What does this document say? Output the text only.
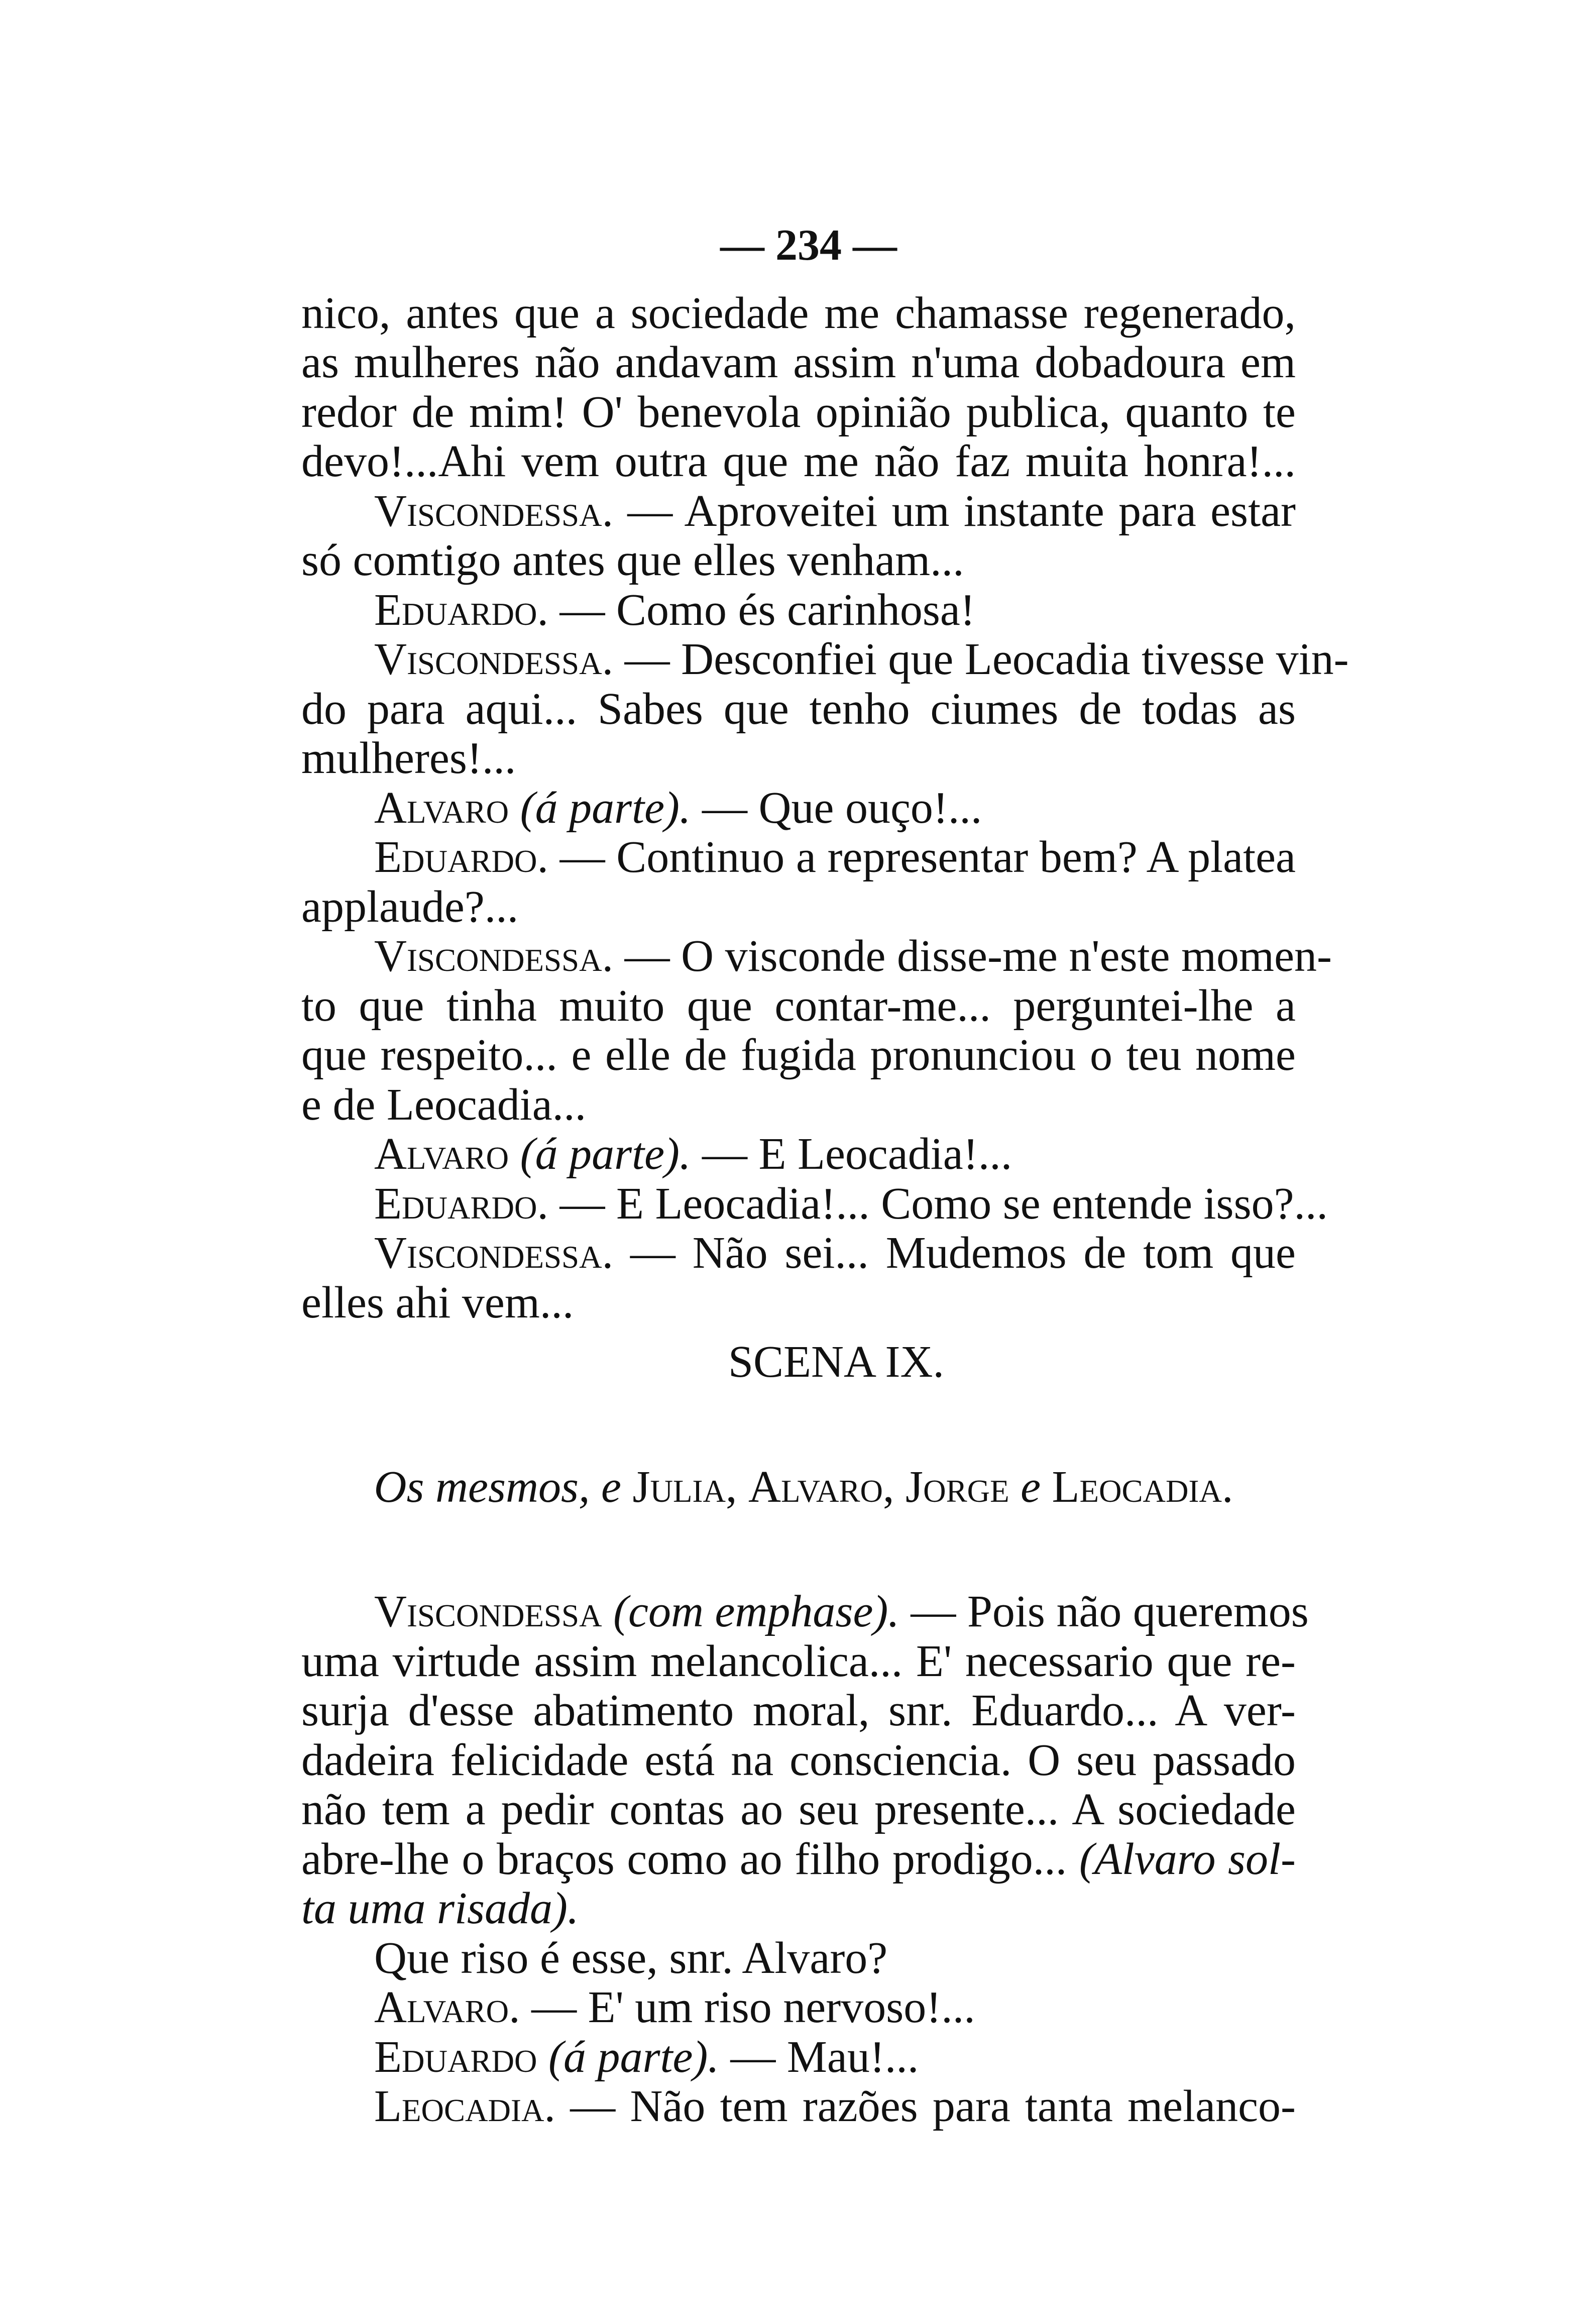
— 234 —
nico, antes que a sociedade me chamasse regenerado,
as mulheres não andavam assim n'uma dobadoura em
redor de mim! O' benevola opinião publica, quanto te
devo!...Ahi vem outra que me não faz muita honra!...
Viscondessa. — Aproveitei um instante para estar
só comtigo antes que elles venham...
Eduardo. — Como és carinhosa!
Viscondessa. — Desconfiei que Leocadia tivesse vin-
do para aqui... Sabes que tenho ciumes de todas as
mulheres!...
Alvaro (á parte). — Que ouço!...
Eduardo. — Continuo a representar bem? A platea
applaude?...
Viscondessa. — O visconde disse-me n'este momen-
to que tinha muito que contar-me... perguntei-lhe a
que respeito... e elle de fugida pronunciou o teu nome
e de Leocadia...
Alvaro (á parte). — E Leocadia!...
Eduardo. — E Leocadia!... Como se entende isso?...
Viscondessa. — Não sei... Mudemos de tom que
elles ahi vem...
SCENA IX.
Os mesmos, e Julia, Alvaro, Jorge e Leocadia.
Viscondessa (com emphase). — Pois não queremos
uma virtude assim melancolica... E' necessario que re-
surja d'esse abatimento moral, snr. Eduardo... A ver-
dadeira felicidade está na consciencia. O seu passado
não tem a pedir contas ao seu presente... A sociedade
abre-lhe o braços como ao filho prodigo... (Alvaro sol-
ta uma risada).
Que riso é esse, snr. Alvaro?
Alvaro. — E' um riso nervoso!...
Eduardo (á parte). — Mau!...
Leocadia. — Não tem razões para tanta melanco-
